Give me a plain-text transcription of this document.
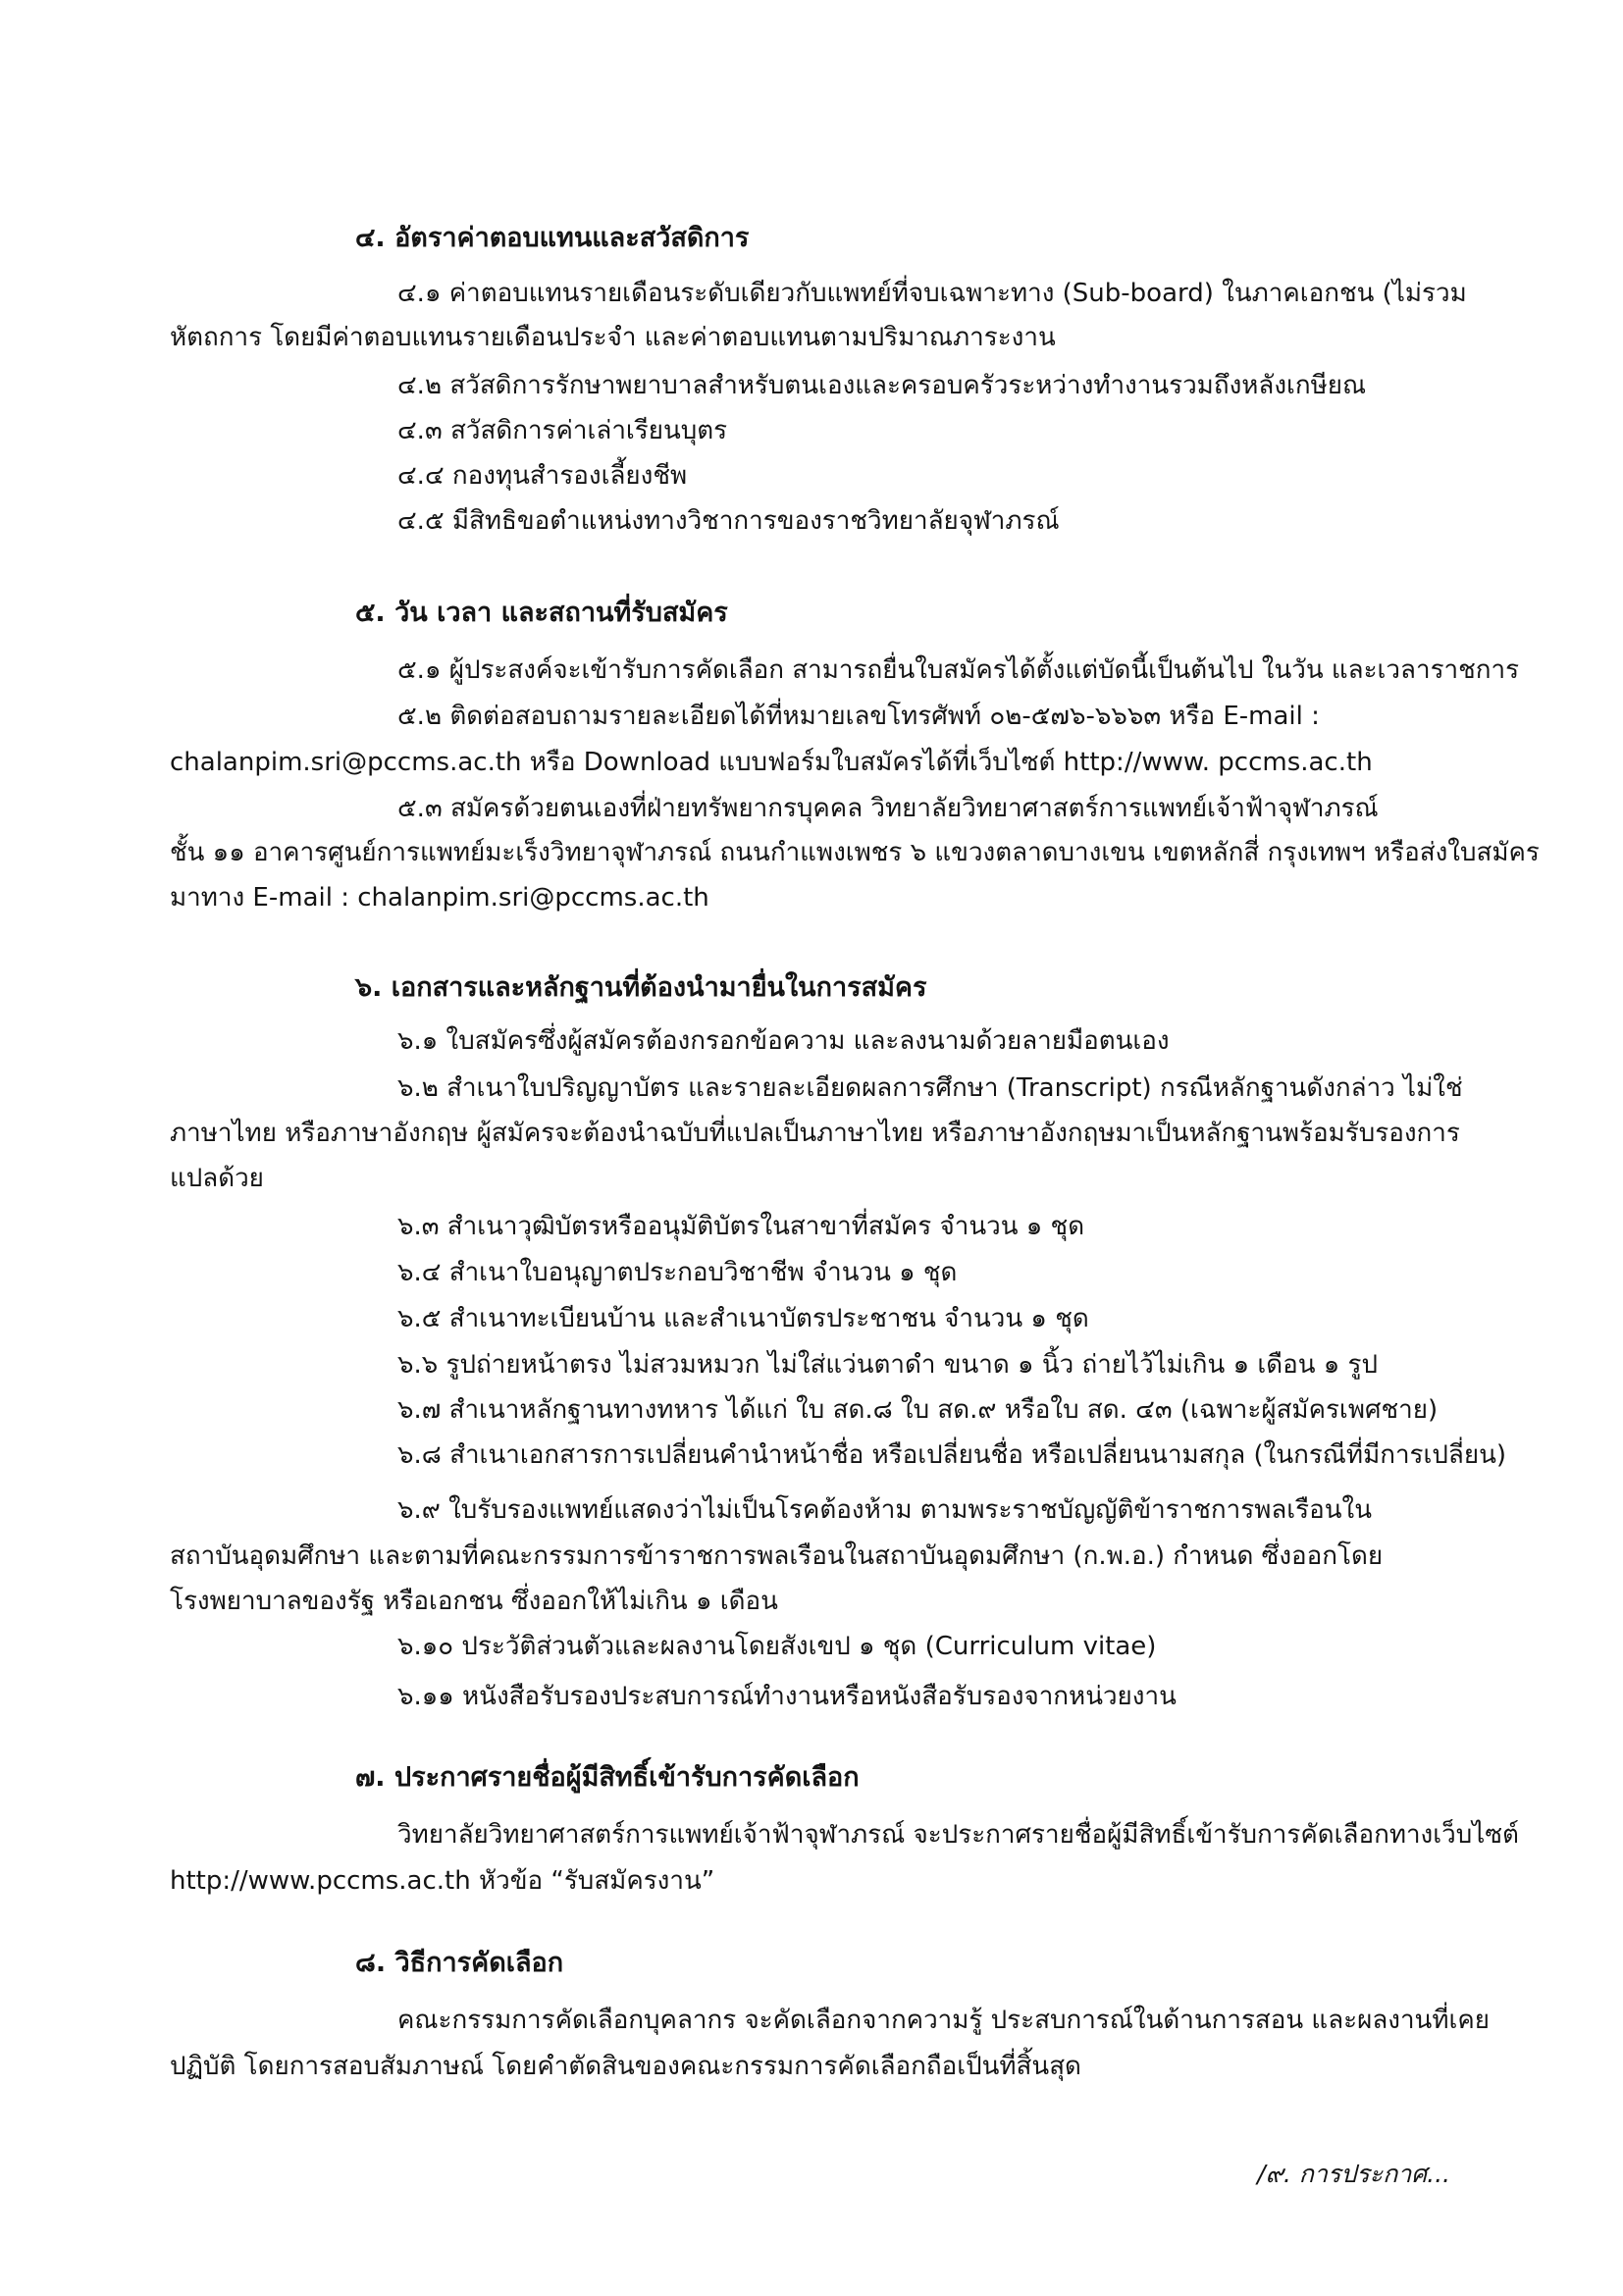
๔. อัตราค่าตอบแทนและสวัสดิการ
๔.๑ ค่าตอบแทนรายเดือนระดับเดียวกับแพทย์ที่จบเฉพาะทาง (Sub-board) ในภาคเอกชน (ไม่รวม
หัตถการ โดยมีค่าตอบแทนรายเดือนประจำ และค่าตอบแทนตามปริมาณภาระงาน
๔.๒ สวัสดิการรักษาพยาบาลสำหรับตนเองและครอบครัวระหว่างทำงานรวมถึงหลังเกษียณ
๔.๓ สวัสดิการค่าเล่าเรียนบุตร
๔.๔ กองทุนสำรองเลี้ยงชีพ
๔.๕ มีสิทธิขอตำแหน่งทางวิชาการของราชวิทยาลัยจุฬาภรณ์
๕. วัน เวลา และสถานที่รับสมัคร
๕.๑ ผู้ประสงค์จะเข้ารับการคัดเลือก สามารถยื่นใบสมัครได้ตั้งแต่บัดนี้เป็นต้นไป ในวัน และเวลาราชการ
๕.๒ ติดต่อสอบถามรายละเอียดได้ที่หมายเลขโทรศัพท์ ๐๒-๕๗๖-๖๖๖๓ หรือ E-mail :
chalanpim.sri@pccms.ac.th หรือ Download แบบฟอร์มใบสมัครได้ที่เว็บไซต์ http://www. pccms.ac.th
๕.๓ สมัครด้วยตนเองที่ฝ่ายทรัพยากรบุคคล วิทยาลัยวิทยาศาสตร์การแพทย์เจ้าฟ้าจุฬาภรณ์
ชั้น ๑๑ อาคารศูนย์การแพทย์มะเร็งวิทยาจุฬาภรณ์ ถนนกำแพงเพชร ๖ แขวงตลาดบางเขน เขตหลักสี่ กรุงเทพฯ หรือส่งใบสมัคร
มาทาง E-mail : chalanpim.sri@pccms.ac.th
๖. เอกสารและหลักฐานที่ต้องนำมายื่นในการสมัคร
๖.๑ ใบสมัครซึ่งผู้สมัครต้องกรอกข้อความ และลงนามด้วยลายมือตนเอง
๖.๒ สำเนาใบปริญญาบัตร และรายละเอียดผลการศึกษา (Transcript) กรณีหลักฐานดังกล่าว ไม่ใช่
ภาษาไทย หรือภาษาอังกฤษ ผู้สมัครจะต้องนำฉบับที่แปลเป็นภาษาไทย หรือภาษาอังกฤษมาเป็นหลักฐานพร้อมรับรองการ
แปลด้วย
๖.๓ สำเนาวุฒิบัตรหรืออนุมัติบัตรในสาขาที่สมัคร จำนวน ๑ ชุด
๖.๔ สำเนาใบอนุญาตประกอบวิชาชีพ จำนวน ๑ ชุด
๖.๕ สำเนาทะเบียนบ้าน และสำเนาบัตรประชาชน จำนวน ๑ ชุด
๖.๖ รูปถ่ายหน้าตรง ไม่สวมหมวก ไม่ใส่แว่นตาดำ ขนาด ๑ นิ้ว ถ่ายไว้ไม่เกิน ๑ เดือน ๑ รูป
๖.๗ สำเนาหลักฐานทางทหาร ได้แก่ ใบ สด.๘ ใบ สด.๙ หรือใบ สด. ๔๓ (เฉพาะผู้สมัครเพศชาย)
๖.๘ สำเนาเอกสารการเปลี่ยนคำนำหน้าชื่อ หรือเปลี่ยนชื่อ หรือเปลี่ยนนามสกุล (ในกรณีที่มีการเปลี่ยน)
๖.๙ ใบรับรองแพทย์แสดงว่าไม่เป็นโรคต้องห้าม ตามพระราชบัญญัติข้าราชการพลเรือนใน
สถาบันอุดมศึกษา และตามที่คณะกรรมการข้าราชการพลเรือนในสถาบันอุดมศึกษา (ก.พ.อ.) กำหนด ซึ่งออกโดย
โรงพยาบาลของรัฐ หรือเอกชน ซึ่งออกให้ไม่เกิน ๑ เดือน
๖.๑๐ ประวัติส่วนตัวและผลงานโดยสังเขป ๑ ชุด (Curriculum vitae)
๖.๑๑ หนังสือรับรองประสบการณ์ทำงานหรือหนังสือรับรองจากหน่วยงาน
๗. ประกาศรายชื่อผู้มีสิทธิ์เข้ารับการคัดเลือก
วิทยาลัยวิทยาศาสตร์การแพทย์เจ้าฟ้าจุฬาภรณ์ จะประกาศรายชื่อผู้มีสิทธิ์เข้ารับการคัดเลือกทางเว็บไซต์
http://www.pccms.ac.th หัวข้อ “รับสมัครงาน”
๘. วิธีการคัดเลือก
คณะกรรมการคัดเลือกบุคลากร จะคัดเลือกจากความรู้ ประสบการณ์ในด้านการสอน และผลงานที่เคย
ปฏิบัติ โดยการสอบสัมภาษณ์ โดยคำตัดสินของคณะกรรมการคัดเลือกถือเป็นที่สิ้นสุด
/๙. การประกาศ...
